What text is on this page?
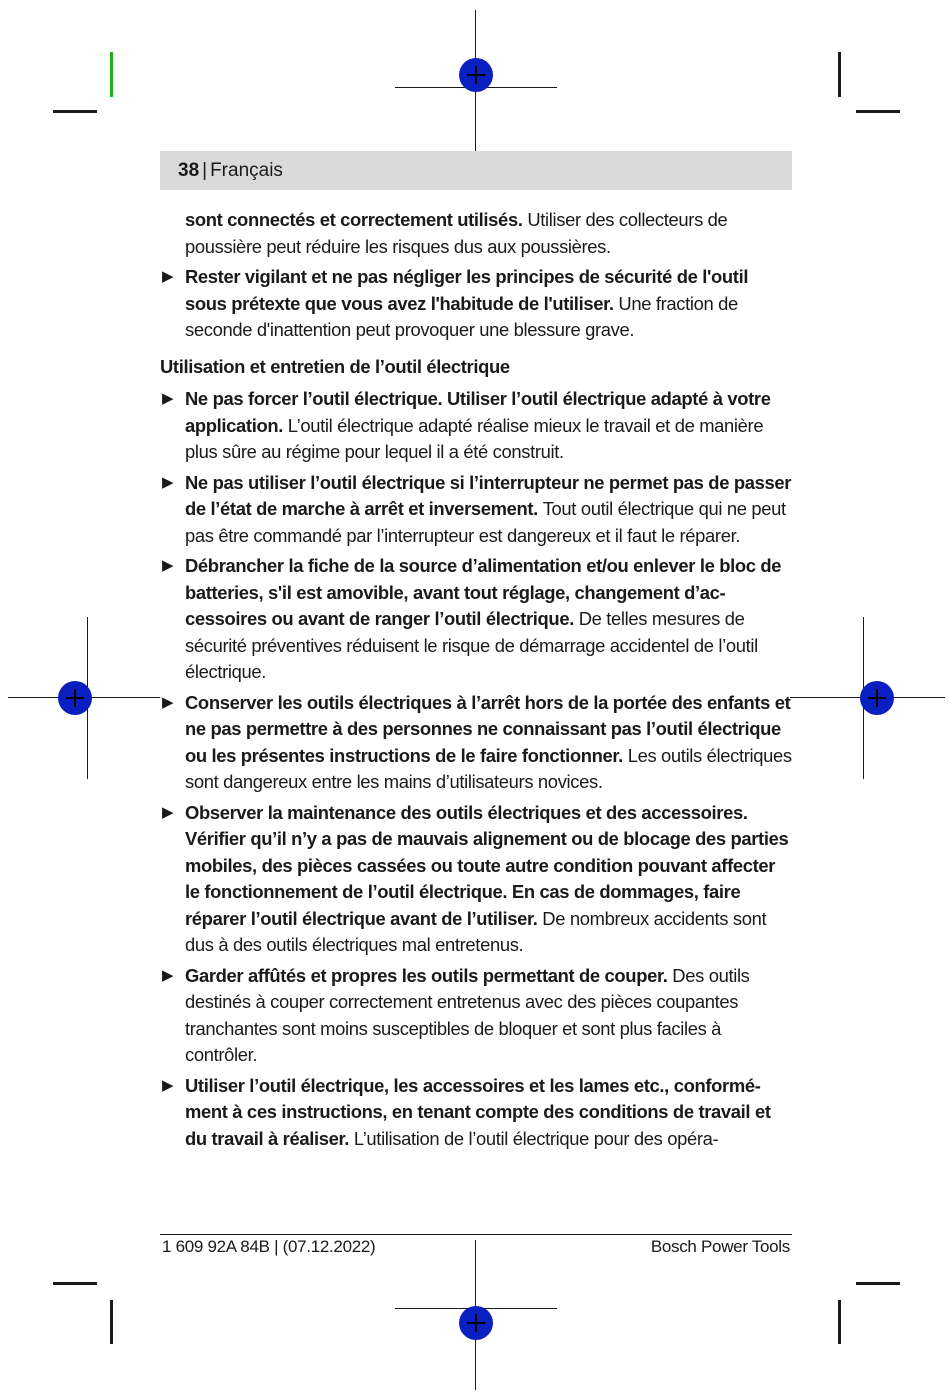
38 | Français
sont connectés et correctement utilisés. Utiliser des collecteurs de poussière peut réduire les risques dus aux poussières.
▶ Rester vigilant et ne pas négliger les principes de sécurité de l'outil sous prétexte que vous avez l'habitude de l'utiliser. Une fraction de seconde d'inattention peut provoquer une blessure grave.
Utilisation et entretien de l’outil électrique
▶ Ne pas forcer l’outil électrique. Utiliser l’outil électrique adapté à votre application. L’outil électrique adapté réalise mieux le travail et de manière plus sûre au régime pour lequel il a été construit.
▶ Ne pas utiliser l’outil électrique si l’interrupteur ne permet pas de passer de l’état de marche à arrêt et inversement. Tout outil électrique qui ne peut pas être commandé par l’interrupteur est dangereux et il faut le réparer.
▶ Débrancher la fiche de la source d’alimentation et/ou enlever le bloc de batteries, s'il est amovible, avant tout réglage, changement d’accessoires ou avant de ranger l’outil électrique. De telles mesures de sécurité préventives réduisent le risque de démarrage accidentel de l’outil électrique.
▶ Conserver les outils électriques à l’arrêt hors de la portée des enfants et ne pas permettre à des personnes ne connaissant pas l’outil électrique ou les présentes instructions de le faire fonctionner. Les outils électriques sont dangereux entre les mains d’utilisateurs novices.
▶ Observer la maintenance des outils électriques et des accessoires. Vérifier qu’il n’y a pas de mauvais alignement ou de blocage des parties mobiles, des pièces cassées ou toute autre condition pouvant affecter le fonctionnement de l’outil électrique. En cas de dommages, faire réparer l’outil électrique avant de l’utiliser. De nombreux accidents sont dus à des outils électriques mal entretenus.
▶ Garder affûtés et propres les outils permettant de couper. Des outils destinés à couper correctement entretenus avec des pièces coupantes tranchantes sont moins susceptibles de bloquer et sont plus faciles à contrôler.
▶ Utiliser l’outil électrique, les accessoires et les lames etc., conformément à ces instructions, en tenant compte des conditions de travail et du travail à réaliser. L’utilisation de l’outil électrique pour des opéra-
1 609 92A 84B | (07.12.2022)	Bosch Power Tools
